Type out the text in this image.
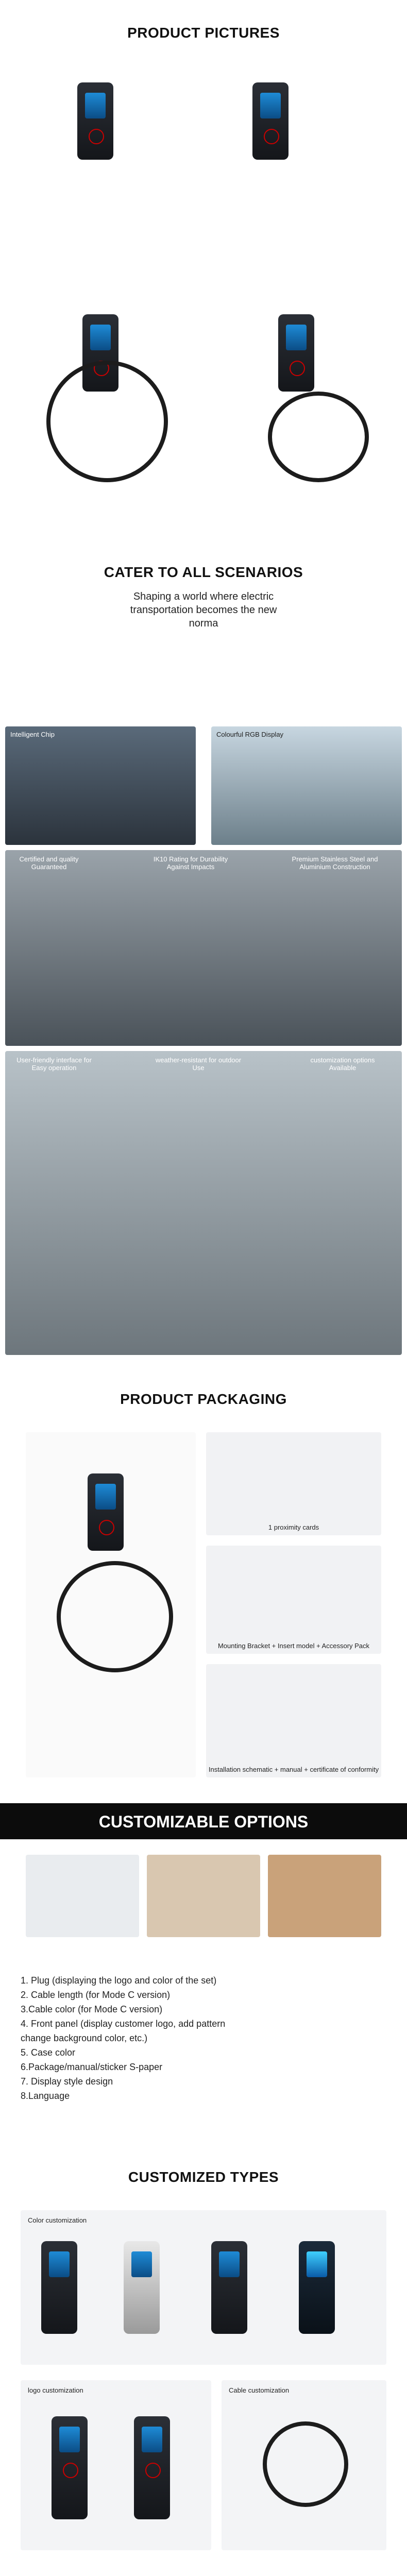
PRODUCT PICTURES
CATER TO ALL SCENARIOS
Shaping a world where electric transportation becomes the new norma
Intelligent Chip	Colourful RGB Display
Certified and quality Guaranteed
IK10 Rating for Durability Against Impacts
Premium Stainless Steel and Aluminium Construction
User-friendly interface for Easy operation
weather-resistant for outdoor Use
customization options Available
PRODUCT PACKAGING
1 proximity cards
Mounting Bracket + Insert model + Accessory Pack
Installation schematic + manual + certificate of conformity
CUSTOMIZABLE OPTIONS
1. Plug (displaying the logo and color of the set)
2. Cable length (for Mode C version)
3.Cable color (for Mode C version)
4. Front panel (display customer logo, add pattern
change background color, etc.)
5. Case color
6.Package/manual/sticker S-paper
7. Display style design
8.Language
CUSTOMIZED TYPES
Color customization
logo customization	Cable customization
